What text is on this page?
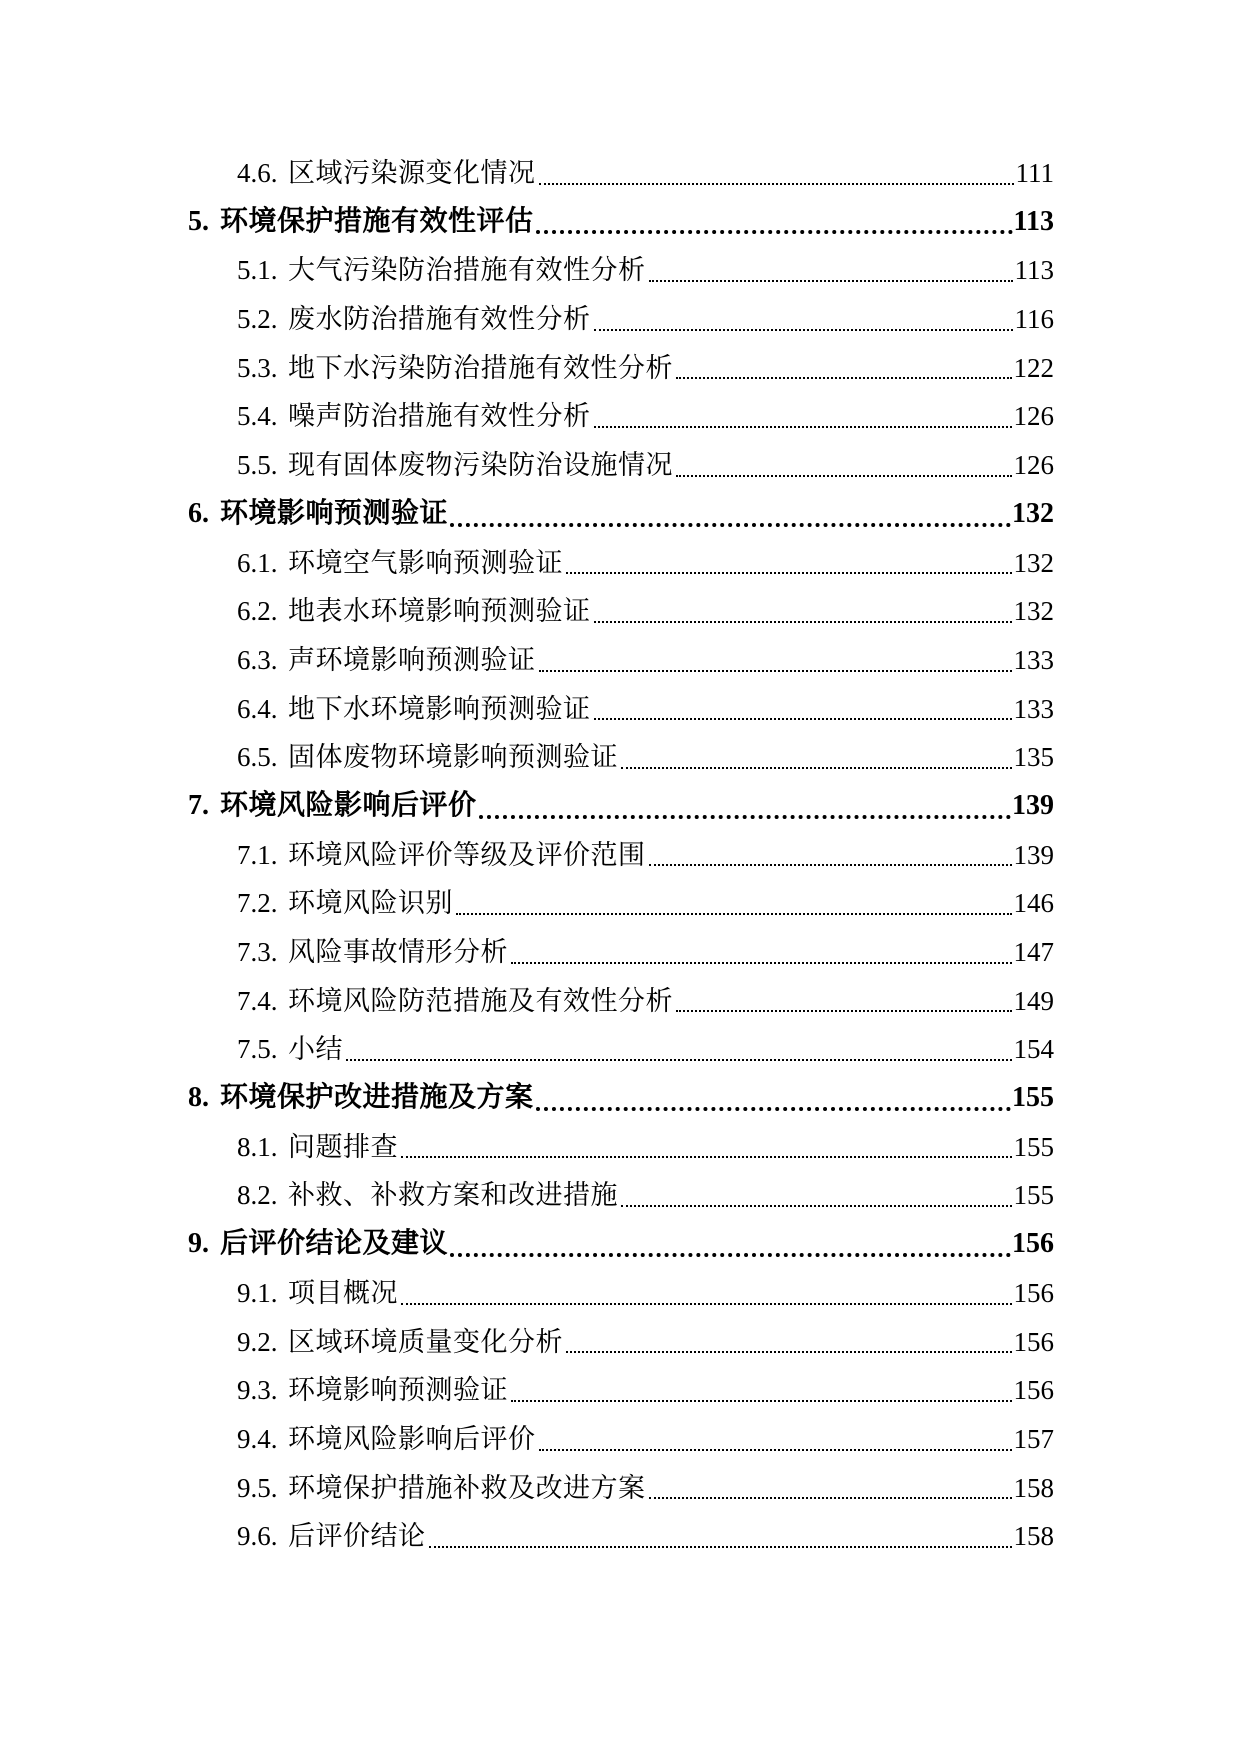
4.6. 区域污染源变化情况	111
5. 环境保护措施有效性评估	113
5.1. 大气污染防治措施有效性分析	113
5.2. 废水防治措施有效性分析	116
5.3. 地下水污染防治措施有效性分析	122
5.4. 噪声防治措施有效性分析	126
5.5. 现有固体废物污染防治设施情况	126
6. 环境影响预测验证	132
6.1. 环境空气影响预测验证	132
6.2. 地表水环境影响预测验证	132
6.3. 声环境影响预测验证	133
6.4. 地下水环境影响预测验证	133
6.5. 固体废物环境影响预测验证	135
7. 环境风险影响后评价	139
7.1. 环境风险评价等级及评价范围	139
7.2. 环境风险识别	146
7.3. 风险事故情形分析	147
7.4. 环境风险防范措施及有效性分析	149
7.5. 小结	154
8. 环境保护改进措施及方案	155
8.1. 问题排查	155
8.2. 补救、补救方案和改进措施	155
9. 后评价结论及建议	156
9.1. 项目概况	156
9.2. 区域环境质量变化分析	156
9.3. 环境影响预测验证	156
9.4. 环境风险影响后评价	157
9.5. 环境保护措施补救及改进方案	158
9.6. 后评价结论	158
